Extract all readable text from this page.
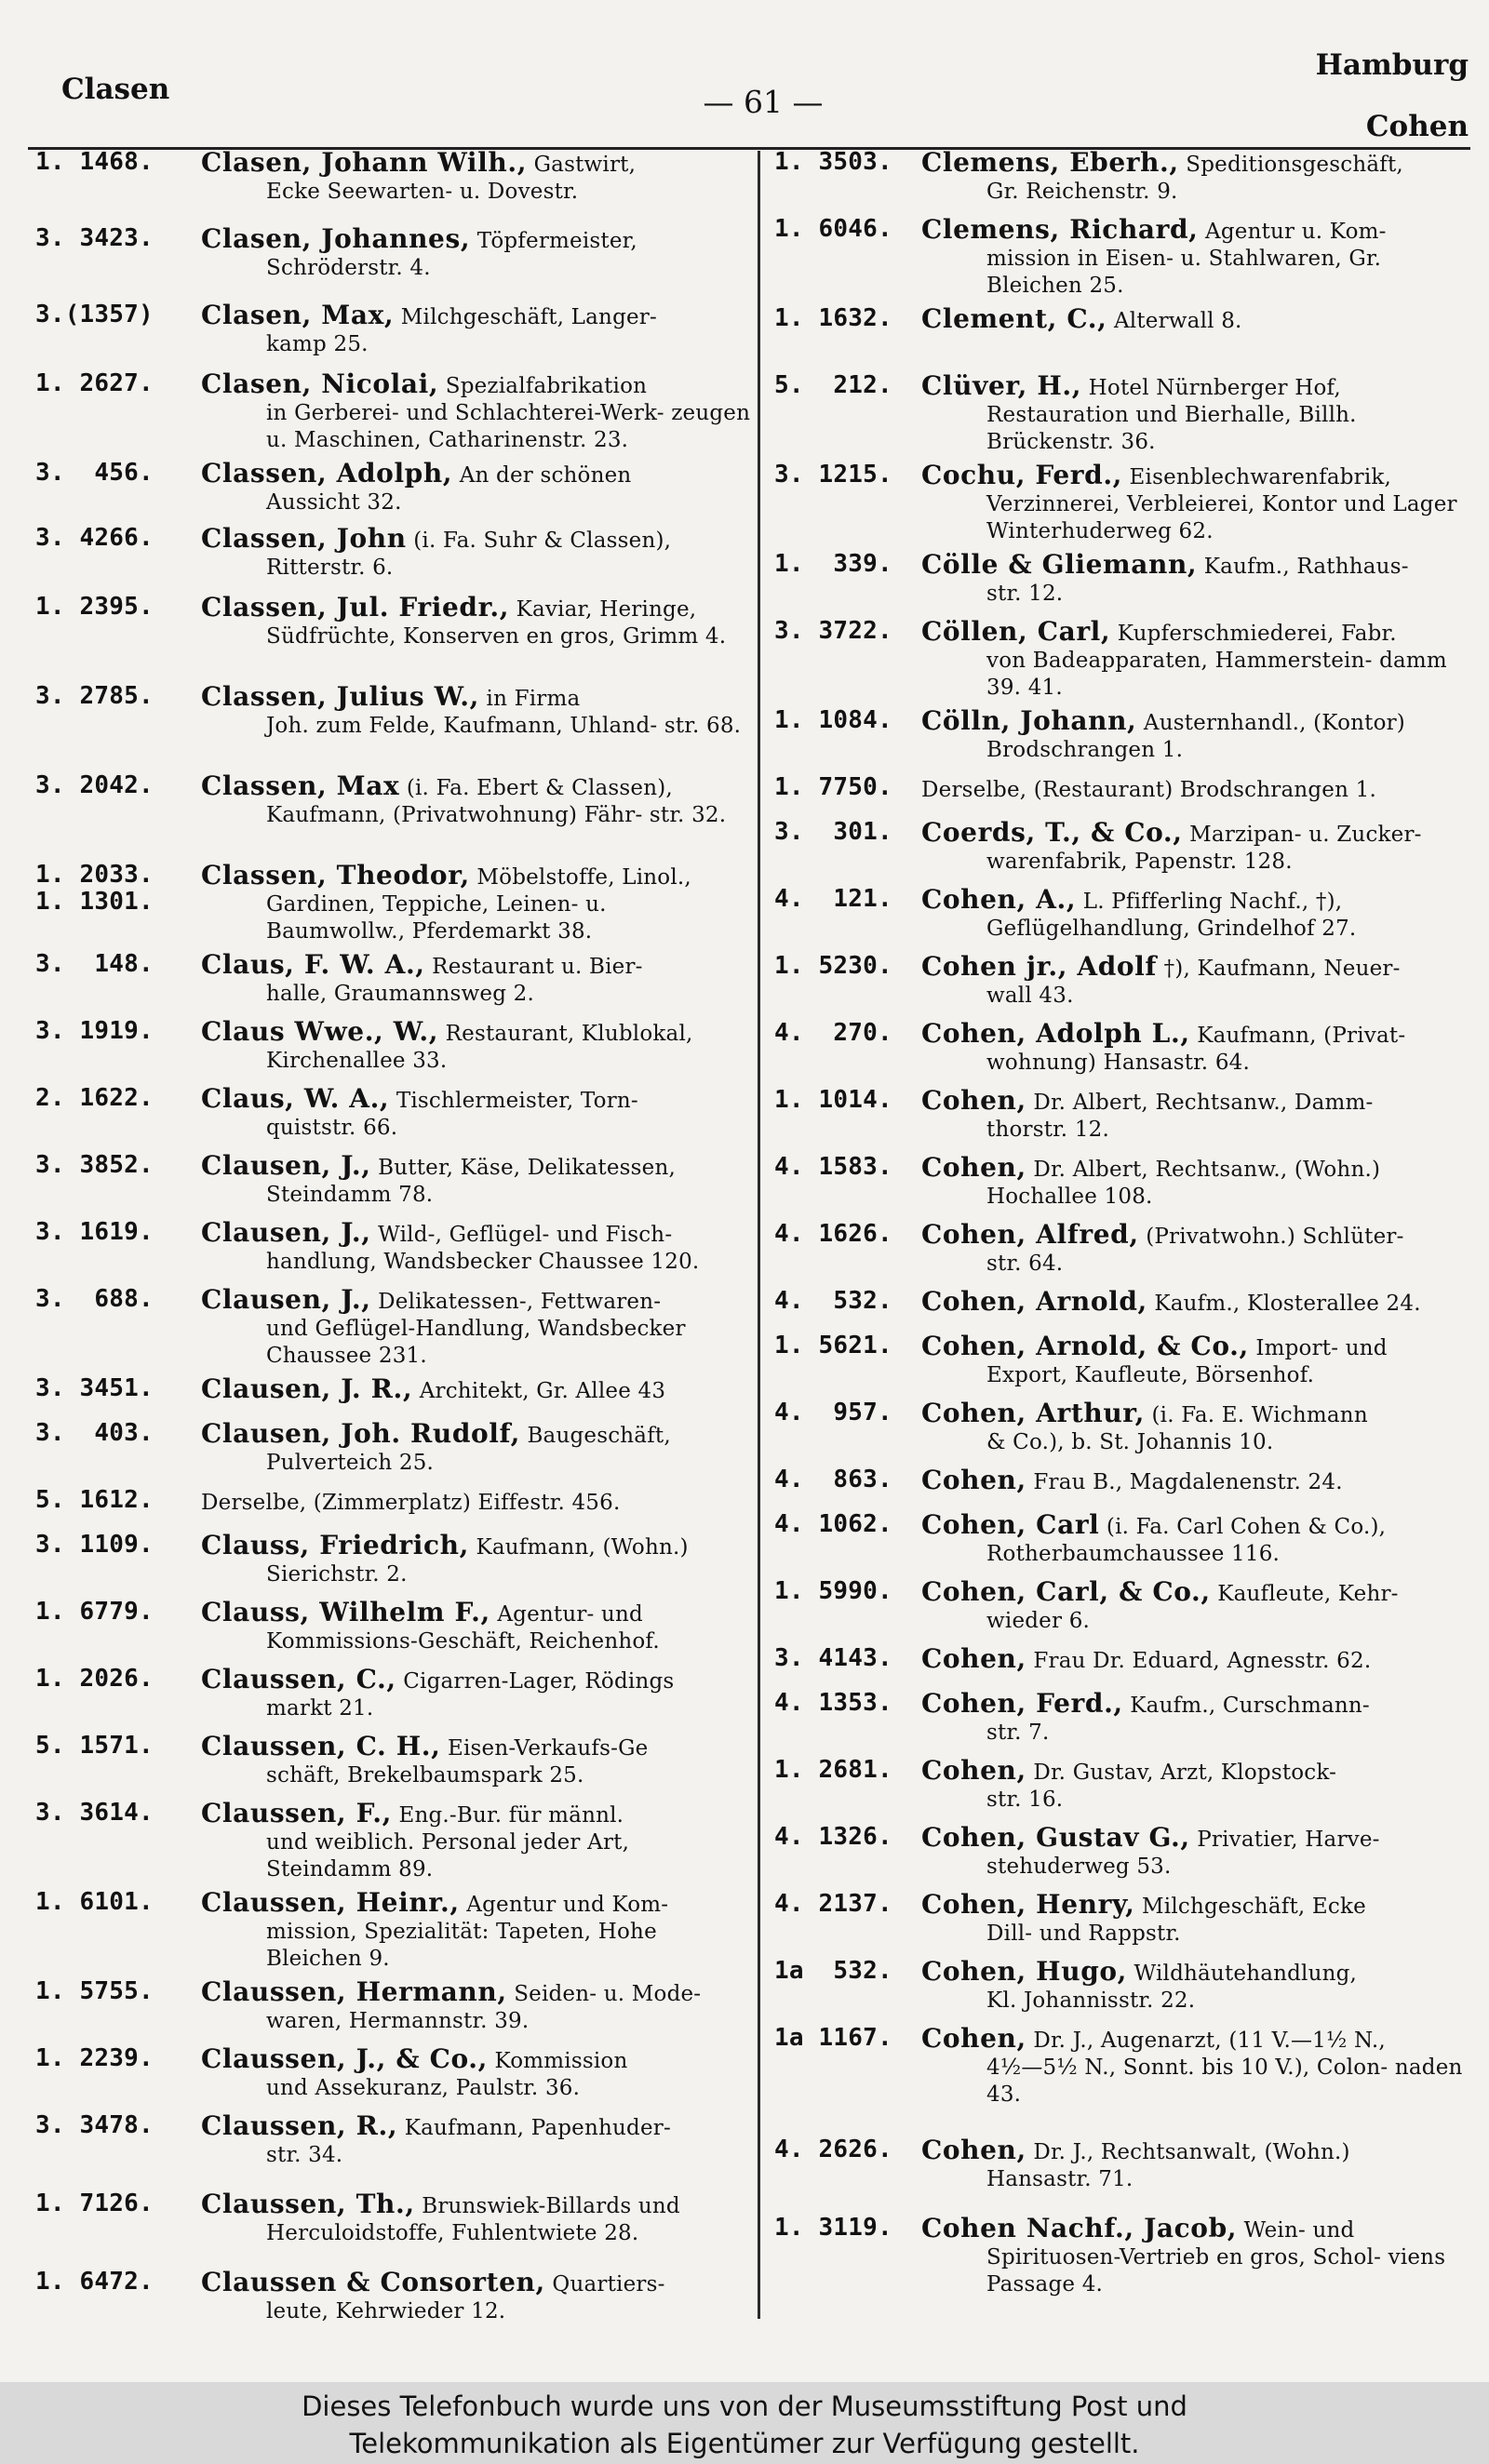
Clasen	— 61 —
Hamburg
Cohen
1. 1468. Clasen, Johann Wilh., Gastwirt,
Ecke Seewarten- u. Dovestr.
3. 3423. Clasen, Johannes, Töpfermeister,
Schröderstr. 4.
3.(1357) Clasen, Max, Milchgeschäft, Langer-
kamp 25.
1. 2627. Clasen, Nicolai, Spezialfabrikation
in Gerberei- und Schlachterei-Werk- zeugen u. Maschinen, Catharinenstr. 23.
3.  456. Classen, Adolph, An der schönen
Aussicht 32.
3. 4266. Classen, John (i. Fa. Suhr & Classen),
Ritterstr. 6.
1. 2395. Classen, Jul. Friedr., Kaviar, Heringe,
Südfrüchte, Konserven en gros, Grimm 4.
3. 2785. Classen, Julius W., in Firma
Joh. zum Felde, Kaufmann, Uhland- str. 68.
3. 2042. Classen, Max (i. Fa. Ebert & Classen),
Kaufmann, (Privatwohnung) Fähr- str. 32.
1. 2033.
1. 1301.
Classen, Theodor, Möbelstoffe, Linol.,
Gardinen, Teppiche, Leinen- u. Baumwollw., Pferdemarkt 38.
3.  148. Claus, F. W. A., Restaurant u. Bier-
halle, Graumannsweg 2.
3. 1919. Claus Wwe., W., Restaurant, Klublokal,
Kirchenallee 33.
2. 1622. Claus, W. A., Tischlermeister, Torn-
quiststr. 66.
3. 3852. Clausen, J., Butter, Käse, Delikatessen,
Steindamm 78.
3. 1619. Clausen, J., Wild-, Geflügel- und Fisch-
handlung, Wandsbecker Chaussee 120.
3.  688. Clausen, J., Delikatessen-, Fettwaren-
und Geflügel-Handlung, Wandsbecker Chaussee 231.
3. 3451. Clausen, J. R., Architekt, Gr. Allee 43
3.  403. Clausen, Joh. Rudolf, Baugeschäft,
Pulverteich 25.
5. 1612. Derselbe, (Zimmerplatz) Eiffestr. 456.
3. 1109. Clauss, Friedrich, Kaufmann, (Wohn.)
Sierichstr. 2.
1. 6779. Clauss, Wilhelm F., Agentur- und
Kommissions-Geschäft, Reichenhof.
1. 2026. Claussen, C., Cigarren-Lager, Rödings
markt 21.
5. 1571. Claussen, C. H., Eisen-Verkaufs-Ge
schäft, Brekelbaumspark 25.
3. 3614. Claussen, F., Eng.-Bur. für männl.
und weiblich. Personal jeder Art, Steindamm 89.
1. 6101. Claussen, Heinr., Agentur und Kom-
mission, Spezialität: Tapeten, Hohe Bleichen 9.
1. 5755. Claussen, Hermann, Seiden- u. Mode-
waren, Hermannstr. 39.
1. 2239. Claussen, J., & Co., Kommission
und Assekuranz, Paulstr. 36.
3. 3478. Claussen, R., Kaufmann, Papenhuder-
str. 34.
1. 7126. Claussen, Th., Brunswiek-Billards und
Herculoidstoffe, Fuhlentwiete 28.
1. 6472. Claussen & Consorten, Quartiers-
leute, Kehrwieder 12.
1. 3503. Clemens, Eberh., Speditionsgeschäft,
Gr. Reichenstr. 9.
1. 6046. Clemens, Richard, Agentur u. Kom-
mission in Eisen- u. Stahlwaren, Gr. Bleichen 25.
1. 1632. Clement, C., Alterwall 8.
5.  212. Clüver, H., Hotel Nürnberger Hof,
Restauration und Bierhalle, Billh. Brückenstr. 36.
3. 1215. Cochu, Ferd., Eisenblechwarenfabrik,
Verzinnerei, Verbleierei, Kontor und Lager Winterhuderweg 62.
1.  339. Cölle & Gliemann, Kaufm., Rathhaus-
str. 12.
3. 3722. Cöllen, Carl, Kupferschmiederei, Fabr.
von Badeapparaten, Hammerstein- damm 39. 41.
1. 1084. Cölln, Johann, Austernhandl., (Kontor)
Brodschrangen 1.
1. 7750. Derselbe, (Restaurant) Brodschrangen 1.
3.  301. Coerds, T., & Co., Marzipan- u. Zucker-
warenfabrik, Papenstr. 128.
4.  121. Cohen, A., L. Pfifferling Nachf., †),
Geflügelhandlung, Grindelhof 27.
1. 5230. Cohen jr., Adolf †), Kaufmann, Neuer-
wall 43.
4.  270. Cohen, Adolph L., Kaufmann, (Privat-
wohnung) Hansastr. 64.
1. 1014. Cohen, Dr. Albert, Rechtsanw., Damm-
thorstr. 12.
4. 1583. Cohen, Dr. Albert, Rechtsanw., (Wohn.)
Hochallee 108.
4. 1626. Cohen, Alfred, (Privatwohn.) Schlüter-
str. 64.
4.  532. Cohen, Arnold, Kaufm., Klosterallee 24.
1. 5621. Cohen, Arnold, & Co., Import- und
Export, Kaufleute, Börsenhof.
4.  957. Cohen, Arthur, (i. Fa. E. Wichmann
& Co.), b. St. Johannis 10.
4.  863. Cohen, Frau B., Magdalenenstr. 24.
4. 1062. Cohen, Carl (i. Fa. Carl Cohen & Co.),
Rotherbaumchaussee 116.
1. 5990. Cohen, Carl, & Co., Kaufleute, Kehr-
wieder 6.
3. 4143. Cohen, Frau Dr. Eduard, Agnesstr. 62.
4. 1353. Cohen, Ferd., Kaufm., Curschmann-
str. 7.
1. 2681. Cohen, Dr. Gustav, Arzt, Klopstock-
str. 16.
4. 1326. Cohen, Gustav G., Privatier, Harve-
stehuderweg 53.
4. 2137. Cohen, Henry, Milchgeschäft, Ecke
Dill- und Rappstr.
1a  532. Cohen, Hugo, Wildhäutehandlung,
Kl. Johannisstr. 22.
1a 1167. Cohen, Dr. J., Augenarzt, (11 V.—1½ N.,
4½—5½ N., Sonnt. bis 10 V.), Colon- naden 43.
4. 2626. Cohen, Dr. J., Rechtsanwalt, (Wohn.)
Hansastr. 71.
1. 3119. Cohen Nachf., Jacob, Wein- und
Spirituosen-Vertrieb en gros, Schol- viens Passage 4.
Dieses Telefonbuch wurde uns von der Museumsstiftung Post und
Telekommunikation als Eigentümer zur Verfügung gestellt.
